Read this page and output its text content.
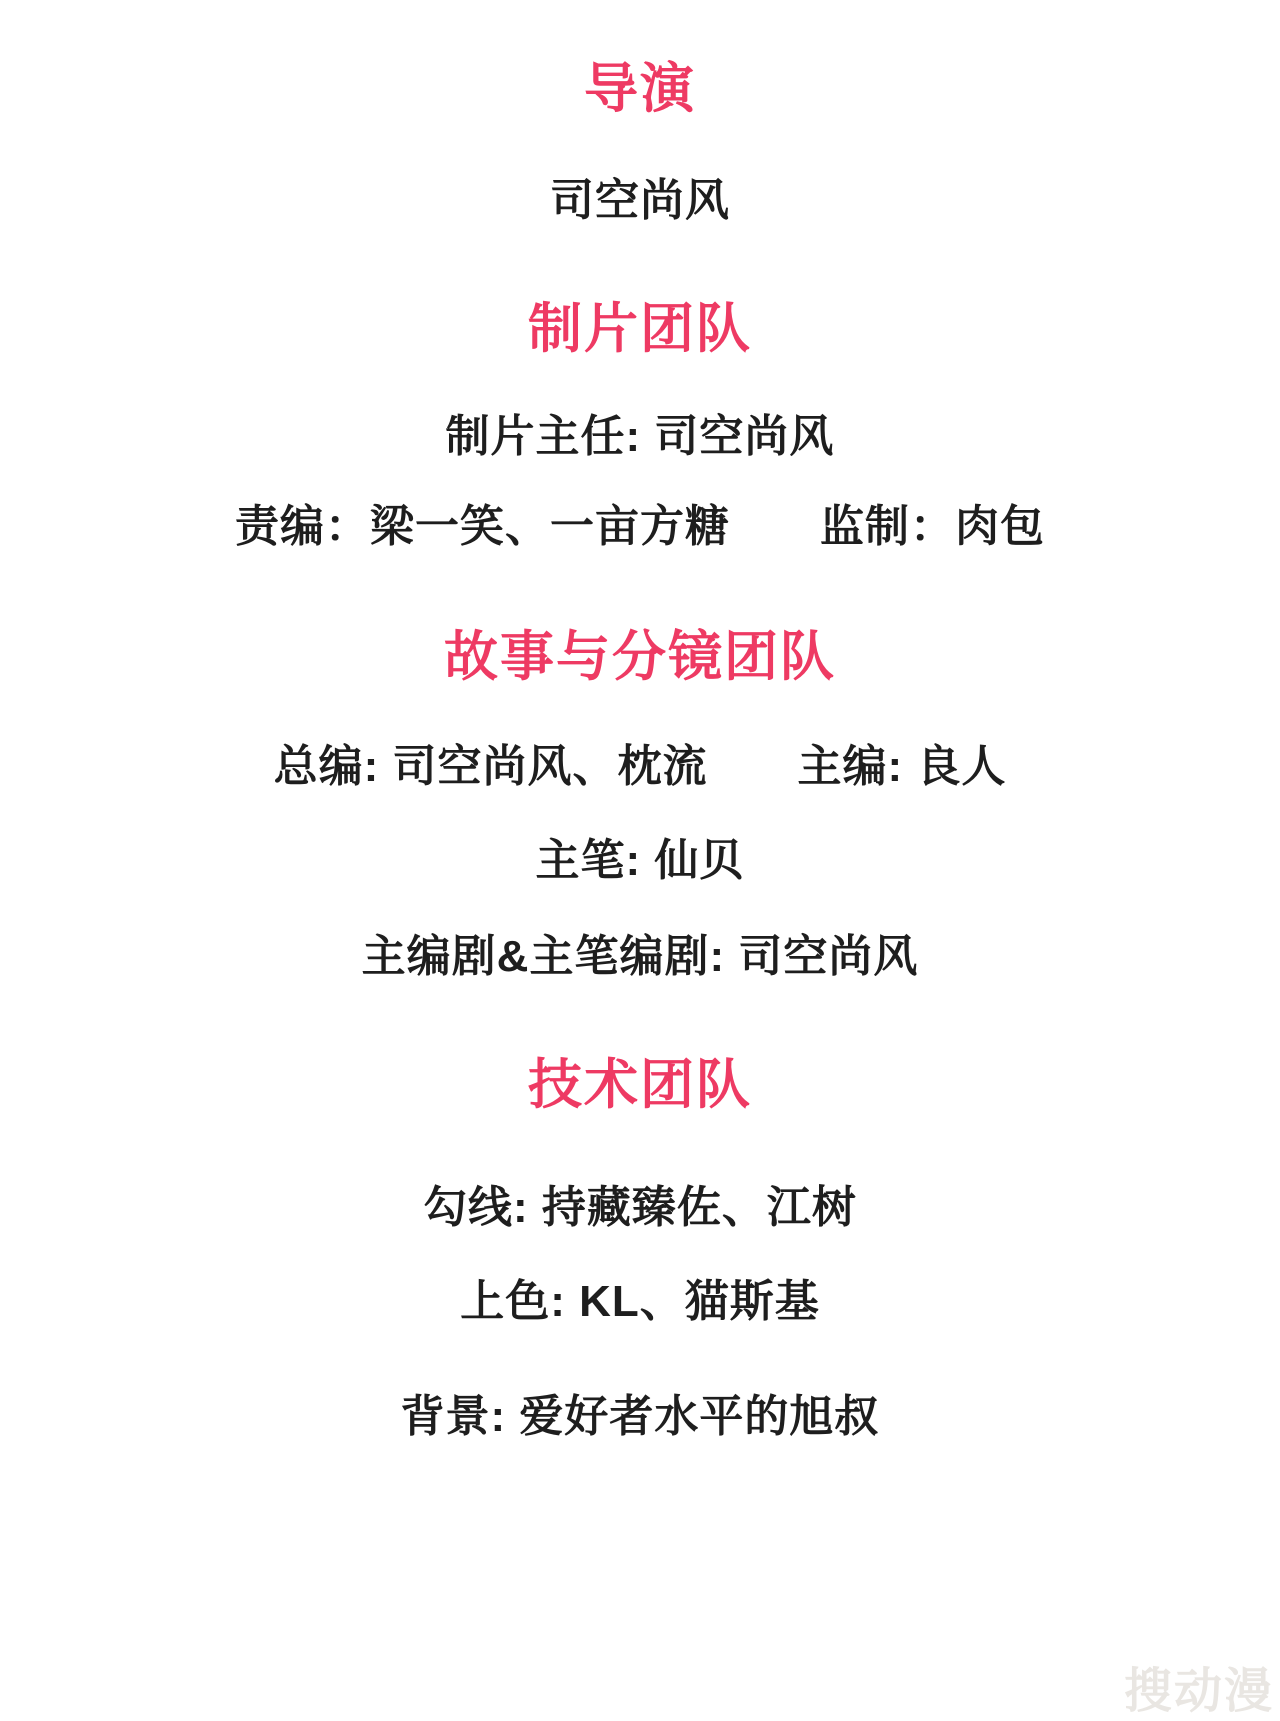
导演
司空尚风
制片团队
制片主任: 司空尚风
责编：梁一笑、一亩方糖　　监制：肉包
故事与分镜团队
总编: 司空尚风、枕流　　主编: 良人
主笔: 仙贝
主编剧&主笔编剧: 司空尚风
技术团队
勾线: 持藏臻佐、江树
上色: KL、猫斯基
背景: 爱好者水平的旭叔
搜动漫
